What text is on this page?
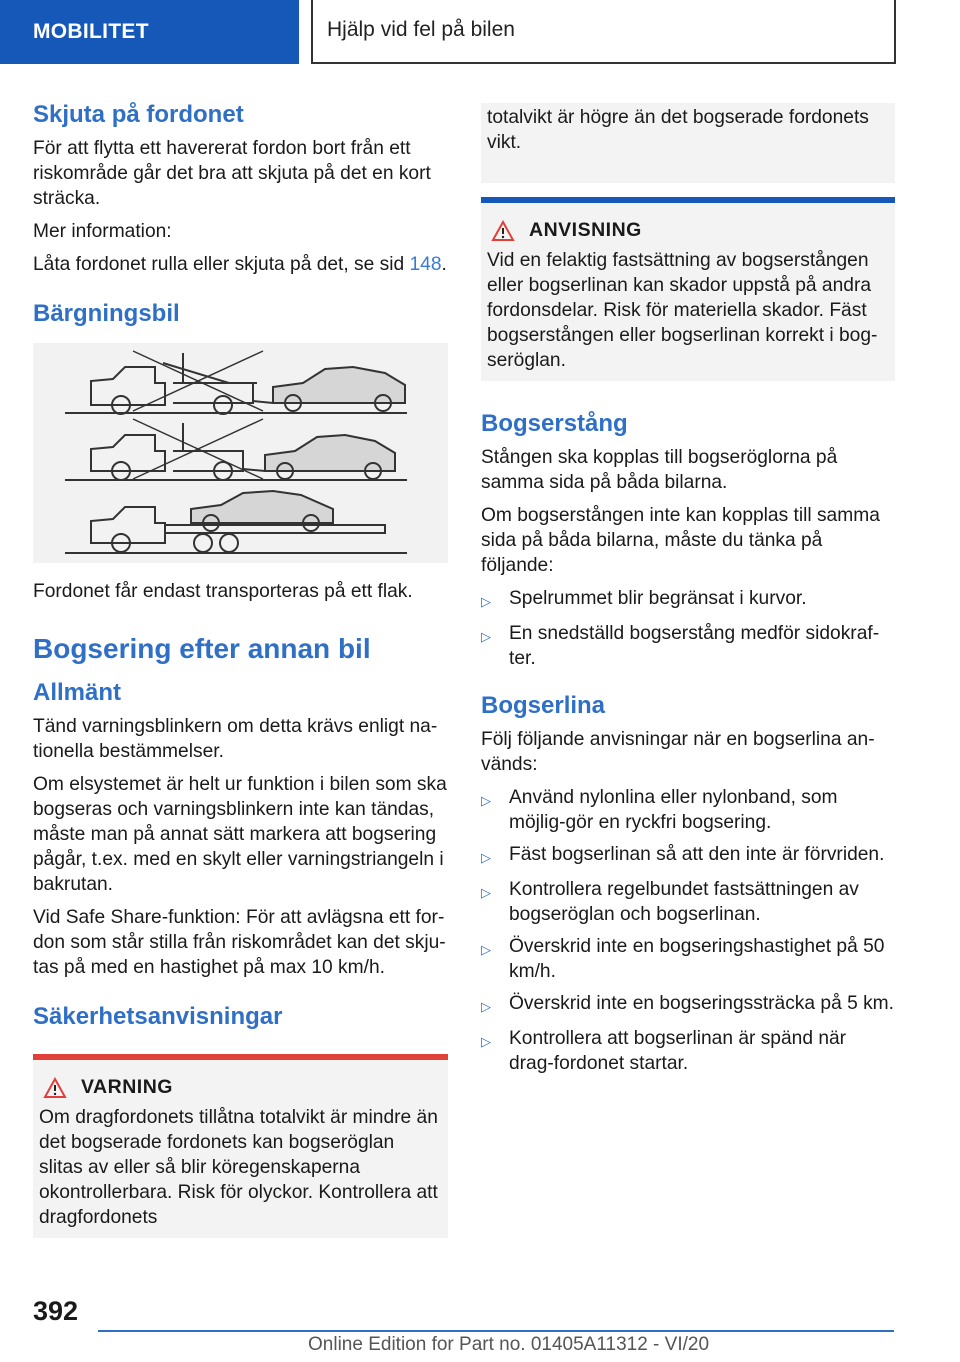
MOBILITET	Hjälp vid fel på bilen
Skjuta på fordonet

För att flytta ett havererat fordon bort från ett riskområde går det bra att skjuta på det en kort sträcka.

Mer information:

Låta fordonet rulla eller skjuta på det, se sid 148.

Bärgningsbil

Fordonet får endast transporteras på ett flak.

Bogsering efter annan bil
Allmänt

Tänd varningsblinkern om detta krävs enligt na-tionella bestämmelser.

Om elsystemet är helt ur funktion i bilen som ska bogseras och varningsblinkern inte kan tändas, måste man på annat sätt markera att bogsering pågår, t.ex. med en skylt eller varningstriangeln i bakrutan.

Vid Safe Share-funktion: För att avlägsna ett for-don som står stilla från riskområdet kan det skju-tas på med en hastighet på max 10 km/h.

Säkerhetsanvisningar
VARNING

Om dragfordonets tillåtna totalvikt är mindre än det bogserade fordonets kan bogseröglan slitas av eller så blir köregenskaperna okontrollerbara. Risk för olyckor. Kontrollera att dragfordonets

totalvikt är högre än det bogserade fordonets vikt.

ANVISNING

Vid en felaktig fastsättning av bogserstången eller bogserlinan kan skador uppstå på andra fordonsdelar. Risk för materiella skador. Fäst bogserstången eller bogserlinan korrekt i bog-seröglan.

Bogserstång

Stången ska kopplas till bogseröglorna på samma sida på båda bilarna.

Om bogserstången inte kan kopplas till samma sida på båda bilarna, måste du tänka på följande:

▷ Spelrummet blir begränsat i kurvor.
▷ En snedställd bogserstång medför sidokraf-ter.
Bogserlina

Följ följande anvisningar när en bogserlina an-vänds:

▷ Använd nylonlina eller nylonband, som möjlig-gör en ryckfri bogsering.
▷ Fäst bogserlinan så att den inte är förvriden.
▷ Kontrollera regelbundet fastsättningen av bogseröglan och bogserlinan.
▷ Överskrid inte en bogseringshastighet på 50 km/h.
▷ Överskrid inte en bogseringssträcka på 5 km.
▷ Kontrollera att bogserlinan är spänd när drag-fordonet startar.
392
Online Edition for Part no. 01405A11312 - VI/20
